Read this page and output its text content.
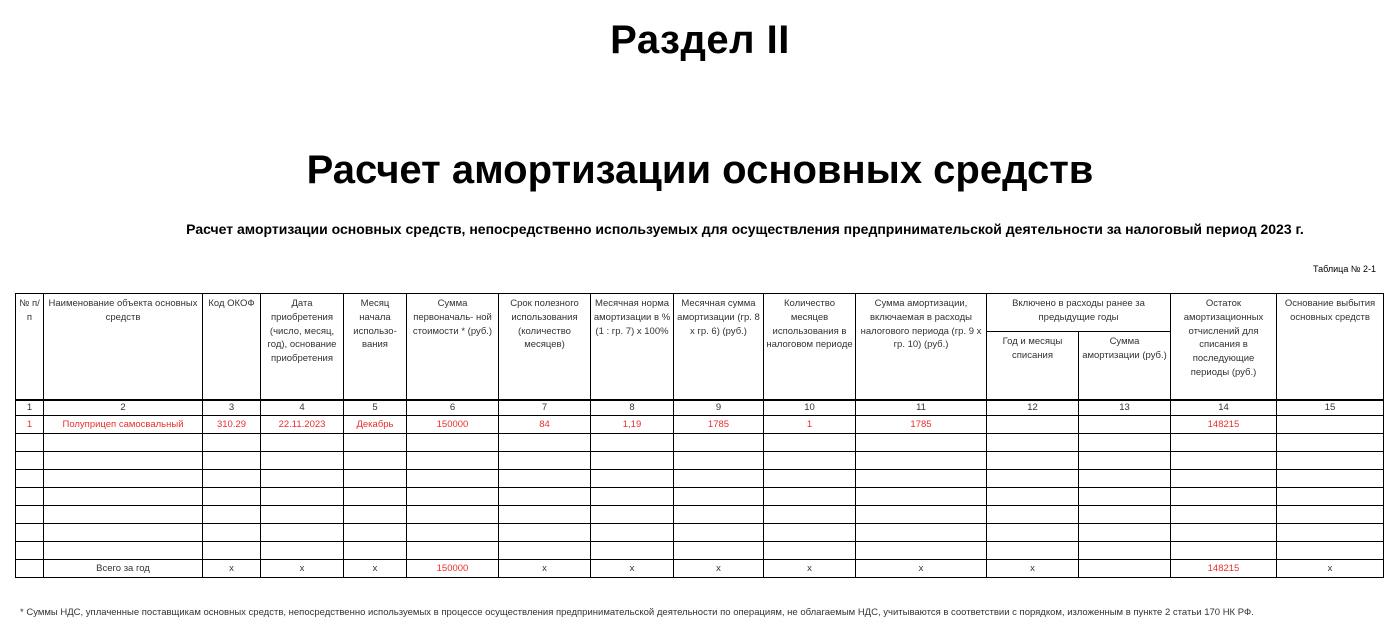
Раздел II
Расчет амортизации основных средств
Расчет амортизации основных средств, непосредственно используемых для осуществления предпринимательской деятельности за налоговый период 2023 г.
Таблица № 2-1
№ п/п	Наименование объекта основных средств	Код ОКОФ	Дата приобретения (число, месяц, год), основание приобретения	Месяц начала использо- вания	Сумма первоначаль- ной стоимости * (руб.)	Срок полезного использования (количество месяцев)	Месячная норма амортизации в % (1 : гр. 7) x 100%	Месячная сумма амортизации (гр. 8 x гр. 6) (руб.)	Количество месяцев использования в налоговом периоде	Сумма амортизации, включаемая в расходы налогового периода (гр. 9 x гр. 10) (руб.)	Включено в расходы ранее за предыдущие годы		Остаток амортизационных отчислений для списания в последующие периоды (руб.)	Основание выбытия основных средств
											Год и месяцы списания	Сумма амортизации (руб.)		
1	2	3	4	5	6	7	8	9	10	11	12	13	14	15
1	Полуприцеп самосвальный	310.29	22.11.2023	Декабрь	150000	84	1,19	1785	1	1785			148215	

	Всего за год	x	x	x	150000	x	x	x	x	x	x		148215	x
* Суммы НДС, уплаченные поставщикам основных средств, непосредственно используемых в процессе осуществления предпринимательской деятельности по операциям, не облагаемым НДС, учитываются в соответствии с порядком, изложенным в пункте 2 статьи 170 НК РФ.
